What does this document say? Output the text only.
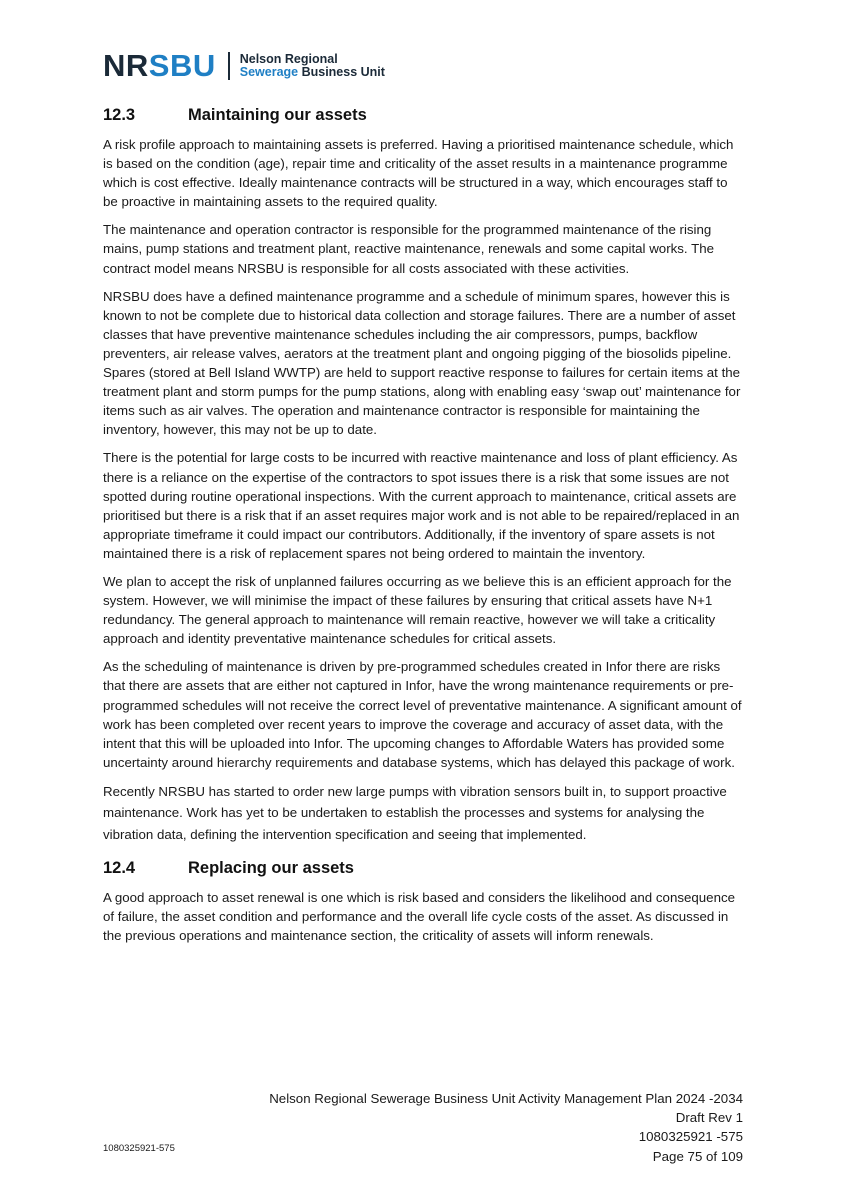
NRSBU Nelson Regional
Sewerage Business Unit
12.3	Maintaining our assets

A risk profile approach to maintaining assets is preferred. Having a prioritised maintenance schedule, which is based on the condition (age), repair time and criticality of the asset results in a maintenance programme which is cost effective. Ideally maintenance contracts will be structured in a way, which encourages staff to be proactive in maintaining assets to the required quality.

The maintenance and operation contractor is responsible for the programmed maintenance of the rising mains, pump stations and treatment plant, reactive maintenance, renewals and some capital works. The contract model means NRSBU is responsible for all costs associated with these activities.

NRSBU does have a defined maintenance programme and a schedule of minimum spares, however this is known to not be complete due to historical data collection and storage failures. There are a number of asset classes that have preventive maintenance schedules including the air compressors, pumps, backflow preventers, air release valves, aerators at the treatment plant and ongoing pigging of the biosolids pipeline. Spares (stored at Bell Island WWTP) are held to support reactive response to failures for certain items at the treatment plant and storm pumps for the pump stations, along with enabling easy ‘swap out’ maintenance for items such as air valves. The operation and maintenance contractor is responsible for maintaining the inventory, however, this may not be up to date.

There is the potential for large costs to be incurred with reactive maintenance and loss of plant efficiency. As there is a reliance on the expertise of the contractors to spot issues there is a risk that some issues are not spotted during routine operational inspections. With the current approach to maintenance, critical assets are prioritised but there is a risk that if an asset requires major work and is not able to be repaired/replaced in an appropriate timeframe it could impact our contributors. Additionally, if the inventory of spare assets is not maintained there is a risk of replacement spares not being ordered to maintain the inventory.

We plan to accept the risk of unplanned failures occurring as we believe this is an efficient approach for the system. However, we will minimise the impact of these failures by ensuring that critical assets have N+1 redundancy. The general approach to maintenance will remain reactive, however we will take a criticality approach and identity preventative maintenance schedules for critical assets.

As the scheduling of maintenance is driven by pre-programmed schedules created in Infor there are risks that there are assets that are either not captured in Infor, have the wrong maintenance requirements or pre-programmed schedules will not receive the correct level of preventative maintenance. A significant amount of work has been completed over recent years to improve the coverage and accuracy of asset data, with the intent that this will be uploaded into Infor. The upcoming changes to Affordable Waters has provided some uncertainty around hierarchy requirements and database systems, which has delayed this package of work.

Recently NRSBU has started to order new large pumps with vibration sensors built in, to support proactive maintenance. Work has yet to be undertaken to establish the processes and systems for analysing the vibration data, defining the intervention specification and seeing that implemented.

12.4	Replacing our assets

A good approach to asset renewal is one which is risk based and considers the likelihood and consequence of failure, the asset condition and performance and the overall life cycle costs of the asset. As discussed in the previous operations and maintenance section, the criticality of assets will inform renewals.

Nelson Regional Sewerage Business Unit Activity Management Plan 2024 -2034
Draft Rev 1
1080325921 -575
Page 75 of 109
1080325921-575
